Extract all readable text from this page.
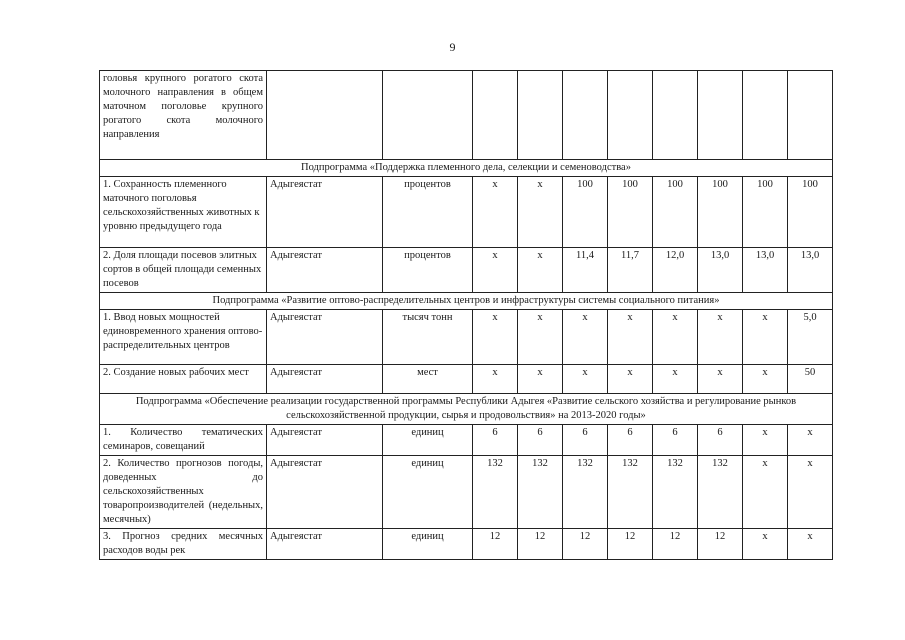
9
головья крупного рогатого скота молочного направления в общем маточном поголовье крупного рогатого скота молочного направления										
Подпрограмма «Поддержка племенного дела, селекции и семеноводства»										
1. Сохранность племенного маточного поголовья сельскохозяйственных животных к уровню предыдущего года	Адыгеястат	процентов	х	х	100	100	100	100	100	100
2. Доля площади посевов элитных сортов в общей площади семенных посевов	Адыгеястат	процентов	х	х	11,4	11,7	12,0	13,0	13,0	13,0
Подпрограмма «Развитие оптово-распределительных центров и инфраструктуры системы социального питания»										
1. Ввод новых мощностей единовременного хранения оптово-распределительных центров	Адыгеястат	тысяч тонн	х	х	х	х	х	х	х	5,0
2. Создание новых рабочих мест	Адыгеястат	мест	х	х	х	х	х	х	х	50
Подпрограмма «Обеспечение реализации государственной программы Республики Адыгея «Развитие сельского хозяйства и регулирование рынков сельскохозяйственной продукции, сырья и продовольствия» на 2013-2020 годы»										
1. Количество тематических семинаров, совещаний	Адыгеястат	единиц	6	6	6	6	6	6	х	х
2. Количество прогнозов погоды, доведенных до сельскохозяйственных товаропроизводителей (недельных, месячных)	Адыгеястат	единиц	132	132	132	132	132	132	х	х
3. Прогноз средних месячных расходов воды рек	Адыгеястат	единиц	12	12	12	12	12	12	х	х
